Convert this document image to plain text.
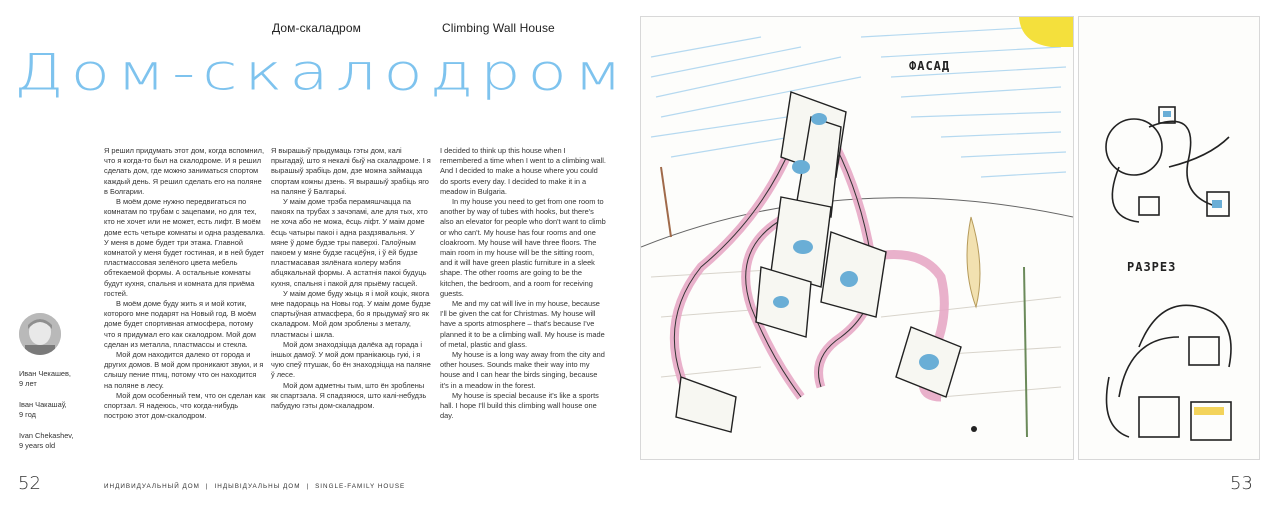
Дом-скаладром	Climbing Wall House
Дом-скалодром

Я решил придумать этот дом, когда вспомнил, что я когда-то был на скалодроме. И я решил сделать дом, где можно заниматься спортом каждый день. Я решил сделать его на поляне в Болгарии.

В моём доме нужно передвигаться по комнатам по трубам с зацепами, но для тех, кто не хочет или не может, есть лифт. В моём доме есть четыре комнаты и одна раздевалка. У меня в доме будет три этажа. Главной комнатой у меня будет гостиная, и в ней будет пластмассовая зелёного цвета мебель обтекаемой формы. А остальные комнаты будут кухня, спальня и комната для приёма гостей.

В моём доме буду жить я и мой котик, которого мне подарят на Новый год. В моём доме будет спортивная атмосфера, потому что я придумал его как скалодром. Мой дом сделан из металла, пластмассы и стекла.

Мой дом находится далеко от города и других домов. В мой дом проникают звуки, и я слышу пение птиц, потому что он находится на поляне в лесу.

Мой дом особенный тем, что он сделан как спортзал. Я надеюсь, что когда-нибудь построю этот дом-скалодром.

Я вырашыў прыдумаць гэты дом, калі прыгадаў, што я некалі быў на скаладроме. І я вырашыў зрабіць дом, дзе можна займацца спортам кожны дзень. Я вырашыў зрабіць яго на паляне ў Балгарыі.

У маім доме трэба перамяшчацца па пакоях па трубах з зачэпамі, але для тых, хто не хоча або не можа, ёсць ліфт. У маім доме ёсць чатыры пакоі і адна раздзявальня. У мяне ў доме будзе тры паверхі. Галоўным пакоем у мяне будзе гасцёўня, і ў ёй будзе пластмасавая зялёнага колеру мэбля абцякальнай формы. А астатнія пакоі будуць кухня, спальня і пакой для прыёму гасцей.

У маім доме буду жыць я і мой коцік, якога мне падораць на Новы год. У маім доме будзе спартыўная атмасфера, бо я прыдумаў яго як скаладром. Мой дом зроблены з металу, пластмасы і шкла.

Мой дом знаходзіцца далёка ад горада і іншых дамоў. У мой дом пранікаюць гукі, і я чую спеў птушак, бо ён знаходзіцца на паляне ў лесе.

Мой дом адметны тым, што ён зроблены як спартзала. Я спадзяюся, што калі-небудзь пабудую гэты дом-скаладром.

I decided to think up this house when I remembered a time when I went to a climbing wall. And I decided to make a house where you could do sports every day. I decided to make it in a meadow in Bulgaria.

In my house you need to get from one room to another by way of tubes with hooks, but there's also an elevator for people who don't want to climb or who can't. My house has four rooms and one cloakroom. My house will have three floors. The main room in my house will be the sitting room, and it will have green plastic furniture in a sleek shape. The other rooms are going to be the kitchen, the bedroom, and a room for receiving guests.

Me and my cat will live in my house, because I'll be given the cat for Christmas. My house will have a sports atmosphere – that's because I've planned it to be a climbing wall. My house is made of metal, plastic and glass.

My house is a long way away from the city and other houses. Sounds make their way into my house and I can hear the birds singing, because it's in a meadow in the forest.

My house is special because it's like a sports hall. I hope I'll build this climbing wall house one day.

Иван Чекашев,
9 лет
Іван Чакашаў,
9 год
Ivan Chekashev,
9 years old
52	ИНДИВИДУАЛЬНЫЙ ДОМ | ІНДЫВІДУАЛЬНЫ ДОМ | SINGLE-FAMILY HOUSE
ФАСАД
РАЗРЕЗ
53
